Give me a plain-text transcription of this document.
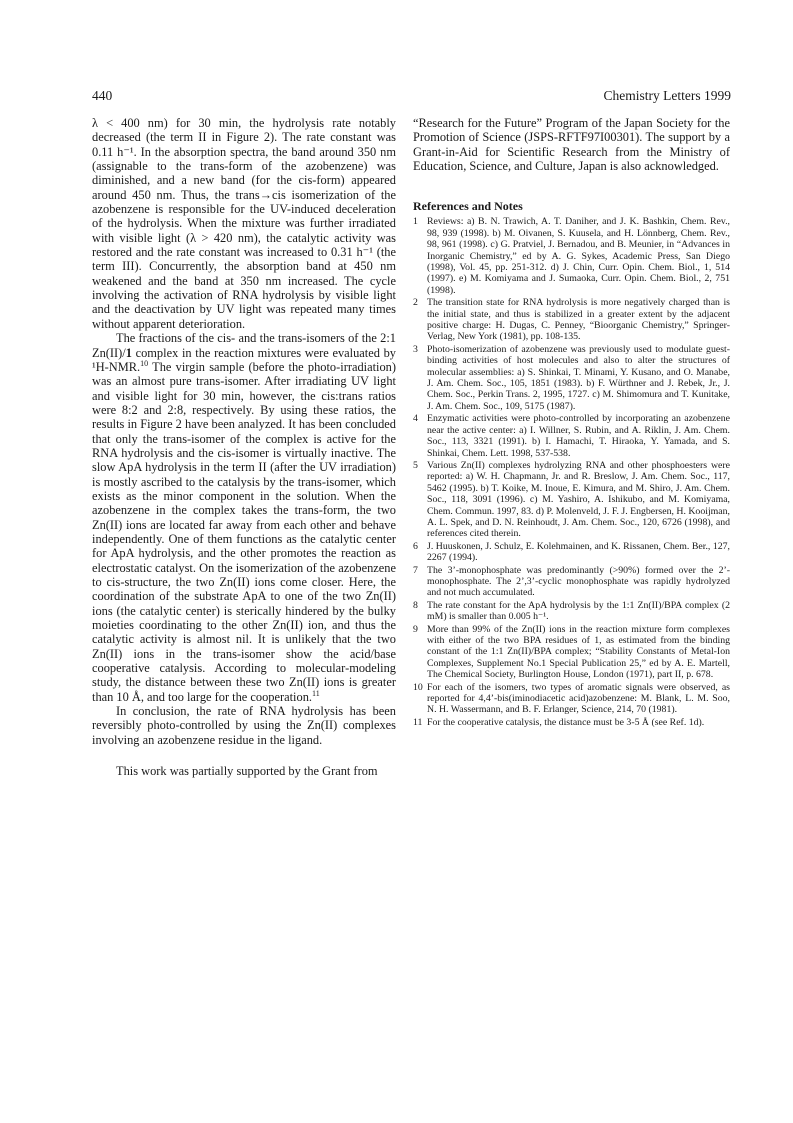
440	Chemistry Letters 1999

λ < 400 nm) for 30 min, the hydrolysis rate notably decreased (the term II in Figure 2). The rate constant was 0.11 h⁻¹. In the absorption spectra, the band around 350 nm (assignable to the trans-form of the azobenzene) was diminished, and a new band (for the cis-form) appeared around 450 nm. Thus, the trans→cis isomerization of the azobenzene is responsible for the UV-induced deceleration of the hydrolysis. When the mixture was further irradiated with visible light (λ > 420 nm), the catalytic activity was restored and the rate constant was increased to 0.31 h⁻¹ (the term III). Concurrently, the absorption band at 450 nm weakened and the band at 350 nm increased. The cycle involving the activation of RNA hydrolysis by visible light and the deactivation by UV light was repeated many times without apparent deterioration.

The fractions of the cis- and the trans-isomers of the 2:1 Zn(II)/1 complex in the reaction mixtures were evaluated by ¹H-NMR.$^{10}$ The virgin sample (before the photo-irradiation) was an almost pure trans-isomer. After irradiating UV light and visible light for 30 min, however, the cis:trans ratios were 8:2 and 2:8, respectively. By using these ratios, the results in Figure 2 have been analyzed. It has been concluded that only the trans-isomer of the complex is active for the RNA hydrolysis and the cis-isomer is virtually inactive. The slow ApA hydrolysis in the term II (after the UV irradiation) is mostly ascribed to the catalysis by the trans-isomer, which exists as the minor component in the solution. When the azobenzene in the complex takes the trans-form, the two Zn(II) ions are located far away from each other and behave independently. One of them functions as the catalytic center for ApA hydrolysis, and the other promotes the reaction as electrostatic catalyst. On the isomerization of the azobenzene to cis-structure, the two Zn(II) ions come closer. Here, the coordination of the substrate ApA to one of the two Zn(II) ions (the catalytic center) is sterically hindered by the bulky moieties coordinating to the other Zn(II) ion, and thus the catalytic activity is almost nil. It is unlikely that the two Zn(II) ions in the trans-isomer show the acid/base cooperative catalysis. According to molecular-modeling study, the distance between these two Zn(II) ions is greater than 10 Å, and too large for the cooperation.$^{11}$

In conclusion, the rate of RNA hydrolysis has been reversibly photo-controlled by using the Zn(II) complexes involving an azobenzene residue in the ligand.

This work was partially supported by the Grant from

“Research for the Future” Program of the Japan Society for the Promotion of Science (JSPS-RFTF97I00301). The support by a Grant-in-Aid for Scientific Research from the Ministry of Education, Science, and Culture, Japan is also acknowledged.

References and Notes
1 Reviews: a) B. N. Trawich, A. T. Daniher, and J. K. Bashkin, Chem. Rev., 98, 939 (1998). b) M. Oivanen, S. Kuusela, and H. Lönnberg, Chem. Rev., 98, 961 (1998). c) G. Pratviel, J. Bernadou, and B. Meunier, in “Advances in Inorganic Chemistry,” ed by A. G. Sykes, Academic Press, San Diego (1998), Vol. 45, pp. 251-312. d) J. Chin, Curr. Opin. Chem. Biol., 1, 514 (1997). e) M. Komiyama and J. Sumaoka, Curr. Opin. Chem. Biol., 2, 751 (1998).
2 The transition state for RNA hydrolysis is more negatively charged than is the initial state, and thus is stabilized in a greater extent by the adjacent positive charge: H. Dugas, C. Penney, “Bioorganic Chemistry,” Springer-Verlag, New York (1981), pp. 108-135.
3 Photo-isomerization of azobenzene was previously used to modulate guest-binding activities of host molecules and also to alter the structures of molecular assemblies: a) S. Shinkai, T. Minami, Y. Kusano, and O. Manabe, J. Am. Chem. Soc., 105, 1851 (1983). b) F. Würthner and J. Rebek, Jr., J. Chem. Soc., Perkin Trans. 2, 1995, 1727. c) M. Shimomura and T. Kunitake, J. Am. Chem. Soc., 109, 5175 (1987).
4 Enzymatic activities were photo-controlled by incorporating an azobenzene near the active center: a) I. Willner, S. Rubin, and A. Riklin, J. Am. Chem. Soc., 113, 3321 (1991). b) I. Hamachi, T. Hiraoka, Y. Yamada, and S. Shinkai, Chem. Lett. 1998, 537-538.
5 Various Zn(II) complexes hydrolyzing RNA and other phosphoesters were reported: a) W. H. Chapmann, Jr. and R. Breslow, J. Am. Chem. Soc., 117, 5462 (1995). b) T. Koike, M. Inoue, E. Kimura, and M. Shiro, J. Am. Chem. Soc., 118, 3091 (1996). c) M. Yashiro, A. Ishikubo, and M. Komiyama, Chem. Commun. 1997, 83. d) P. Molenveld, J. F. J. Engbersen, H. Kooijman, A. L. Spek, and D. N. Reinhoudt, J. Am. Chem. Soc., 120, 6726 (1998), and references cited therein.
6 J. Huuskonen, J. Schulz, E. Kolehmainen, and K. Rissanen, Chem. Ber., 127, 2267 (1994).
7 The 3’-monophosphate was predominantly (>90%) formed over the 2’-monophosphate. The 2’,3’-cyclic monophosphate was rapidly hydrolyzed and not much accumulated.
8 The rate constant for the ApA hydrolysis by the 1:1 Zn(II)/BPA complex (2 mM) is smaller than 0.005 h⁻¹.
9 More than 99% of the Zn(II) ions in the reaction mixture form complexes with either of the two BPA residues of 1, as estimated from the binding constant of the 1:1 Zn(II)/BPA complex; “Stability Constants of Metal-Ion Complexes, Supplement No.1 Special Publication 25,” ed by A. E. Martell, The Chemical Society, Burlington House, London (1971), part II, p. 678.
10 For each of the isomers, two types of aromatic signals were observed, as reported for 4,4’-bis(iminodiacetic acid)azobenzene: M. Blank, L. M. Soo, N. H. Wassermann, and B. F. Erlanger, Science, 214, 70 (1981).
11 For the cooperative catalysis, the distance must be 3-5 Å (see Ref. 1d).
